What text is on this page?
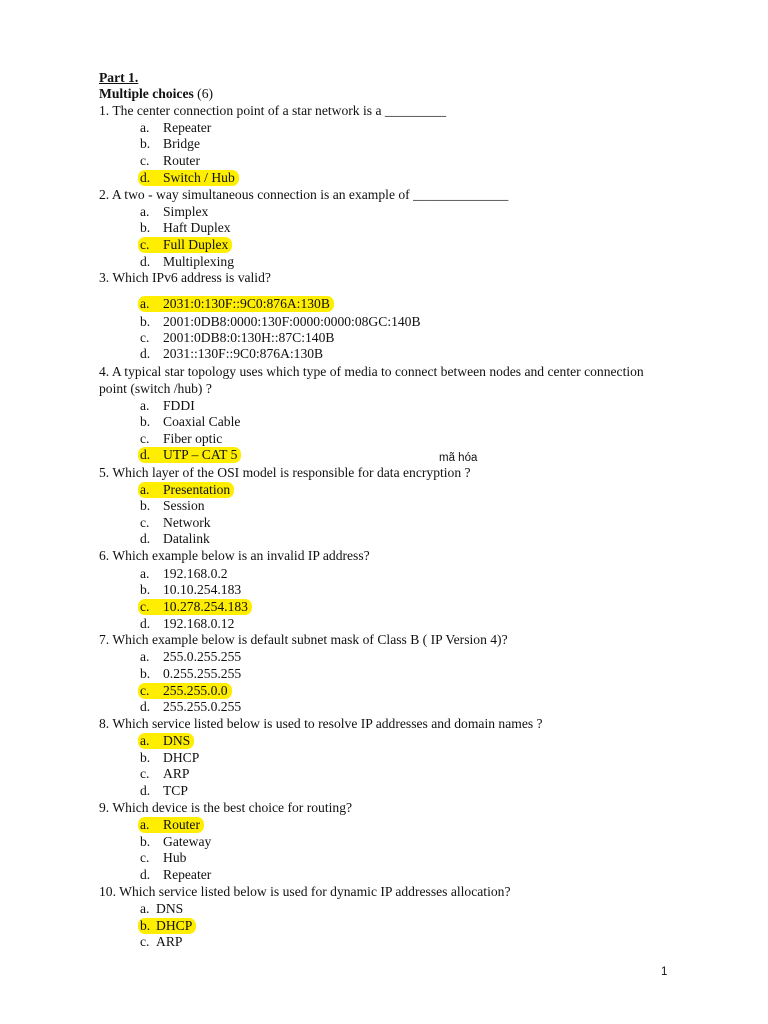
Part 1.
Multiple choices (6)
1. The center connection point of a star network is a _________
a. Repeater
b. Bridge
c. Router
d. Switch / Hub
2. A two - way simultaneous connection is an example of ______________
a. Simplex
b. Haft Duplex
c. Full Duplex
d. Multiplexing
3. Which IPv6 address is valid?
a. 2031:0:130F::9C0:876A:130B
b. 2001:0DB8:0000:130F:0000:0000:08GC:140B
c. 2001:0DB8:0:130H::87C:140B
d. 2031::130F::9C0:876A:130B
4. A typical star topology uses which type of media to connect between nodes and center connection
point (switch /hub) ?
a. FDDI
b. Coaxial Cable
c. Fiber optic
d. UTP – CAT 5	mã hóa
5. Which layer of the OSI model is responsible for data encryption ?
a. Presentation
b. Session
c. Network
d. Datalink
6. Which example below is an invalid IP address?
a. 192.168.0.2
b. 10.10.254.183
c. 10.278.254.183
d. 192.168.0.12
7. Which example below is default subnet mask of Class B ( IP Version 4)?
a. 255.0.255.255
b. 0.255.255.255
c. 255.255.0.0
d. 255.255.0.255
8. Which service listed below is used to resolve IP addresses and domain names ?
a. DNS
b. DHCP
c. ARP
d. TCP
9. Which device is the best choice for routing?
a. Router
b. Gateway
c. Hub
d. Repeater
10. Which service listed below is used for dynamic IP addresses allocation?
a. DNS
b. DHCP
c. ARP
1
